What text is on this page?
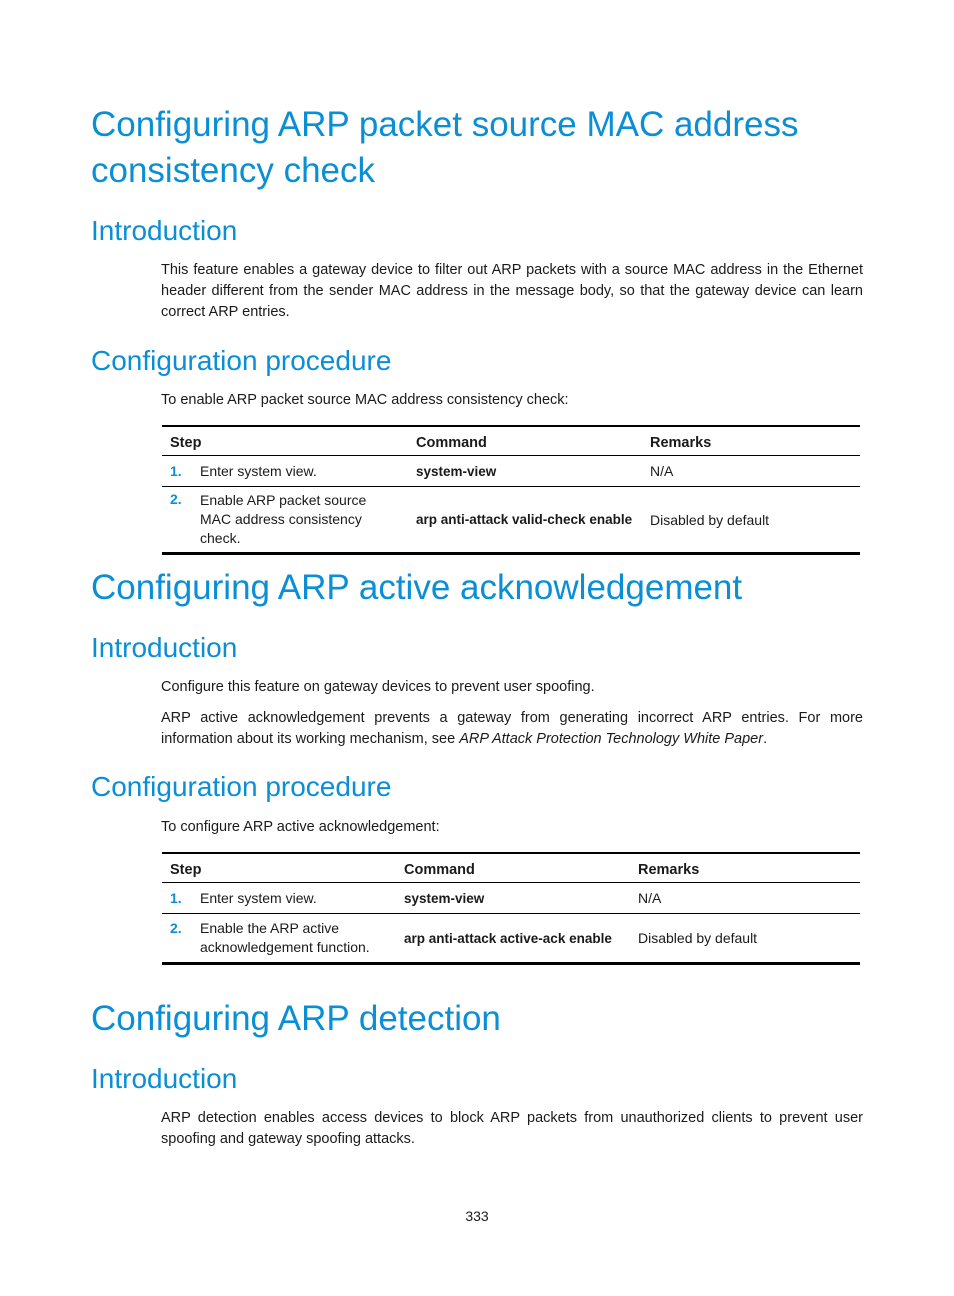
Configuring ARP packet source MAC address consistency check
Introduction

This feature enables a gateway device to filter out ARP packets with a source MAC address in the Ethernet header different from the sender MAC address in the message body, so that the gateway device can learn correct ARP entries.

Configuration procedure

To enable ARP packet source MAC address consistency check:

Step		Command	Remarks
1.	Enter system view.	system-view	N/A
2.	Enable ARP packet source MAC address consistency check.	arp anti-attack valid-check enable	Disabled by default
Configuring ARP active acknowledgement
Introduction

Configure this feature on gateway devices to prevent user spoofing.

ARP active acknowledgement prevents a gateway from generating incorrect ARP entries. For more information about its working mechanism, see ARP Attack Protection Technology White Paper.

Configuration procedure

To configure ARP active acknowledgement:

Step		Command	Remarks
1.	Enter system view.	system-view	N/A
2.	Enable the ARP active acknowledgement function.	arp anti-attack active-ack enable	Disabled by default
Configuring ARP detection
Introduction

ARP detection enables access devices to block ARP packets from unauthorized clients to prevent user spoofing and gateway spoofing attacks.

333
